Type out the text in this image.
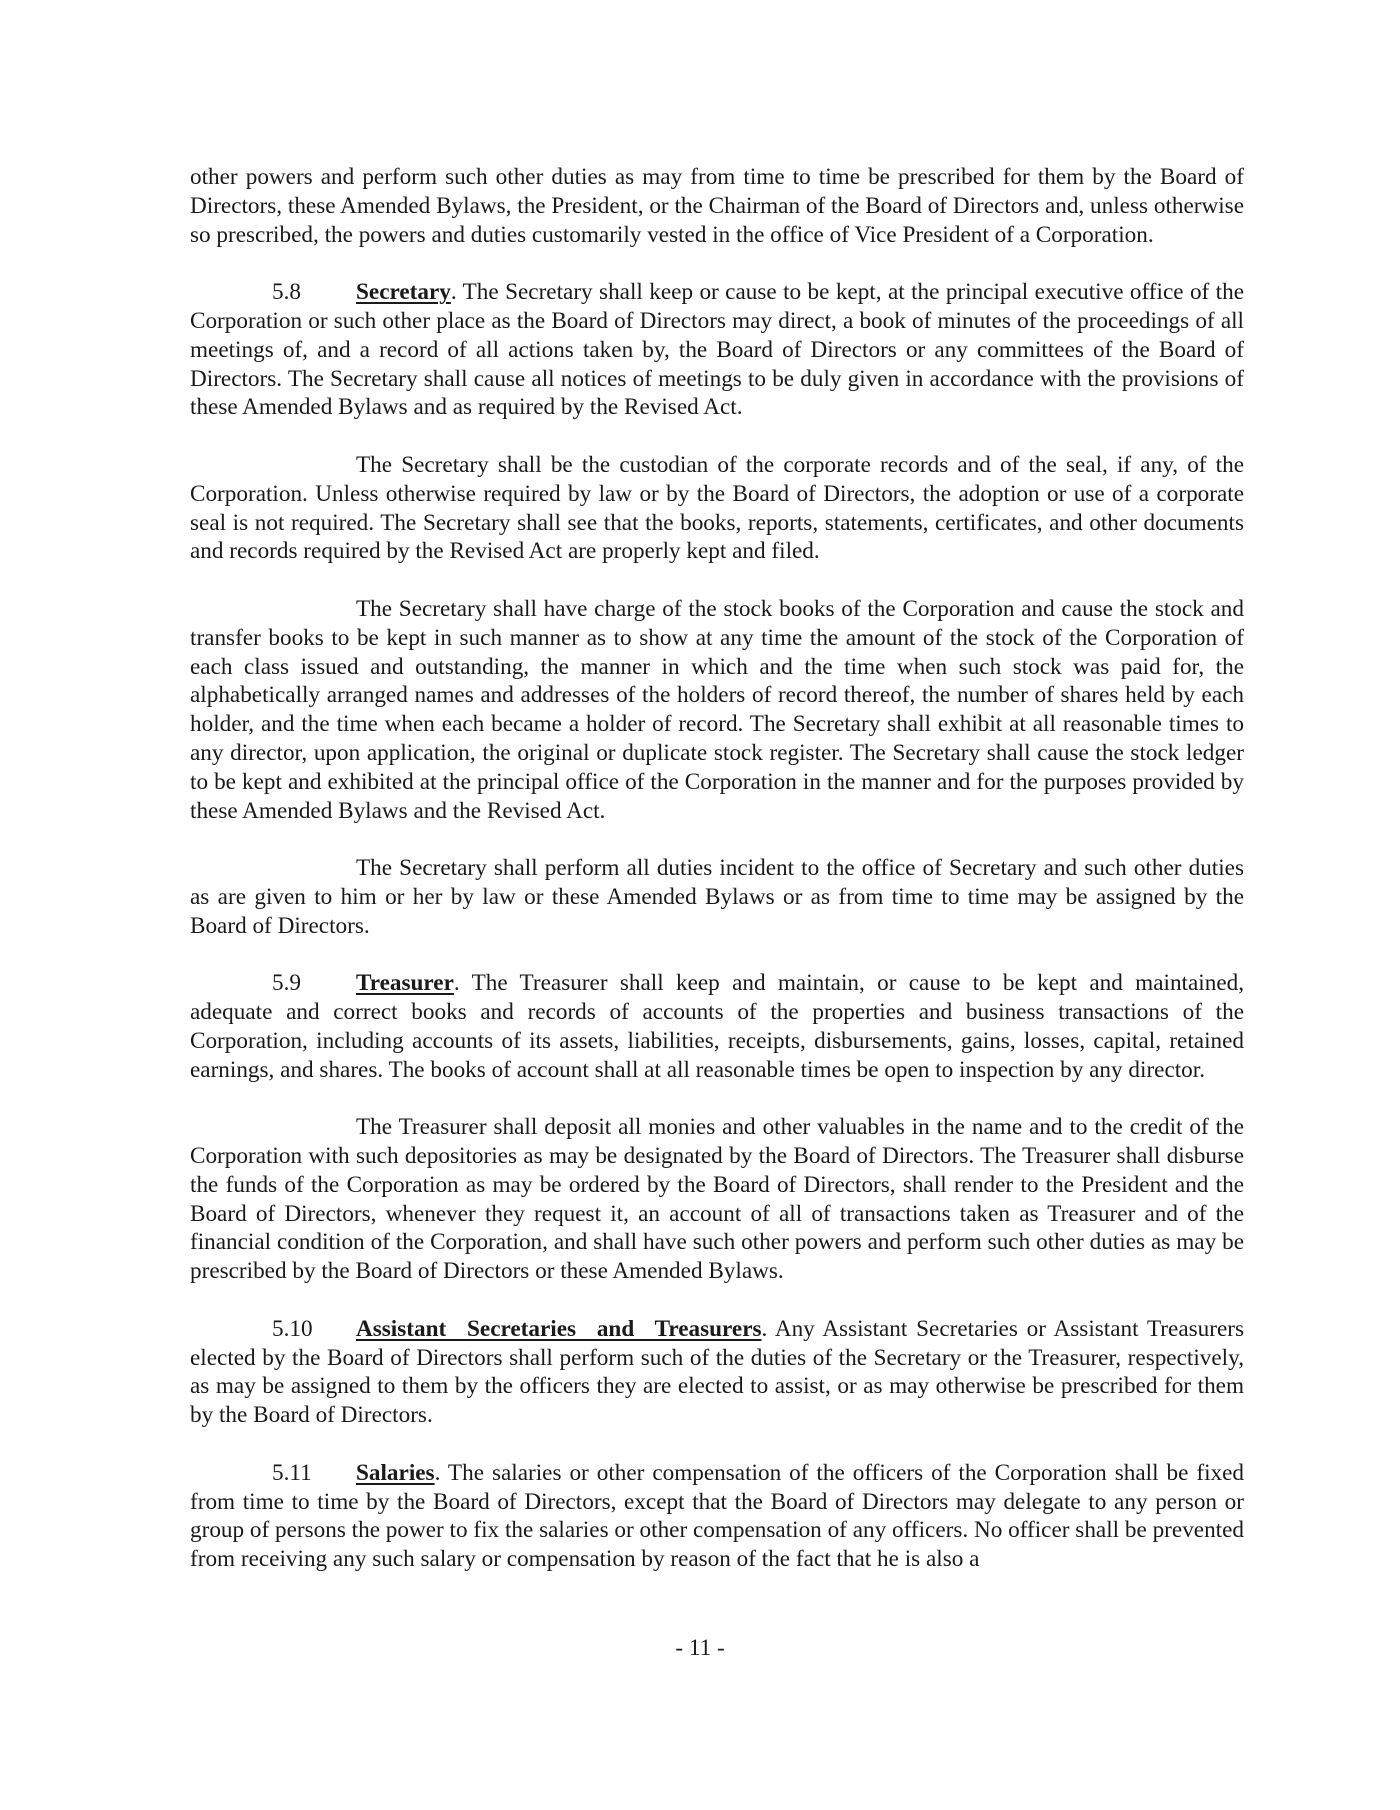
other powers and perform such other duties as may from time to time be prescribed for them by the Board of Directors, these Amended Bylaws, the President, or the Chairman of the Board of Directors and, unless otherwise so prescribed, the powers and duties customarily vested in the office of Vice President of a Corporation.

5.8 Secretary. The Secretary shall keep or cause to be kept, at the principal executive office of the Corporation or such other place as the Board of Directors may direct, a book of minutes of the proceedings of all meetings of, and a record of all actions taken by, the Board of Directors or any committees of the Board of Directors. The Secretary shall cause all notices of meetings to be duly given in accordance with the provisions of these Amended Bylaws and as required by the Revised Act.

The Secretary shall be the custodian of the corporate records and of the seal, if any, of the Corporation. Unless otherwise required by law or by the Board of Directors, the adoption or use of a corporate seal is not required. The Secretary shall see that the books, reports, statements, certificates, and other documents and records required by the Revised Act are properly kept and filed.

The Secretary shall have charge of the stock books of the Corporation and cause the stock and transfer books to be kept in such manner as to show at any time the amount of the stock of the Corporation of each class issued and outstanding, the manner in which and the time when such stock was paid for, the alphabetically arranged names and addresses of the holders of record thereof, the number of shares held by each holder, and the time when each became a holder of record. The Secretary shall exhibit at all reasonable times to any director, upon application, the original or duplicate stock register. The Secretary shall cause the stock ledger to be kept and exhibited at the principal office of the Corporation in the manner and for the purposes provided by these Amended Bylaws and the Revised Act.

The Secretary shall perform all duties incident to the office of Secretary and such other duties as are given to him or her by law or these Amended Bylaws or as from time to time may be assigned by the Board of Directors.

5.9 Treasurer. The Treasurer shall keep and maintain, or cause to be kept and maintained, adequate and correct books and records of accounts of the properties and business transactions of the Corporation, including accounts of its assets, liabilities, receipts, disbursements, gains, losses, capital, retained earnings, and shares. The books of account shall at all reasonable times be open to inspection by any director.

The Treasurer shall deposit all monies and other valuables in the name and to the credit of the Corporation with such depositories as may be designated by the Board of Directors. The Treasurer shall disburse the funds of the Corporation as may be ordered by the Board of Directors, shall render to the President and the Board of Directors, whenever they request it, an account of all of transactions taken as Treasurer and of the financial condition of the Corporation, and shall have such other powers and perform such other duties as may be prescribed by the Board of Directors or these Amended Bylaws.

5.10 Assistant Secretaries and Treasurers. Any Assistant Secretaries or Assistant Treasurers elected by the Board of Directors shall perform such of the duties of the Secretary or the Treasurer, respectively, as may be assigned to them by the officers they are elected to assist, or as may otherwise be prescribed for them by the Board of Directors.

5.11 Salaries. The salaries or other compensation of the officers of the Corporation shall be fixed from time to time by the Board of Directors, except that the Board of Directors may delegate to any person or group of persons the power to fix the salaries or other compensation of any officers. No officer shall be prevented from receiving any such salary or compensation by reason of the fact that he is also a

- 11 -
